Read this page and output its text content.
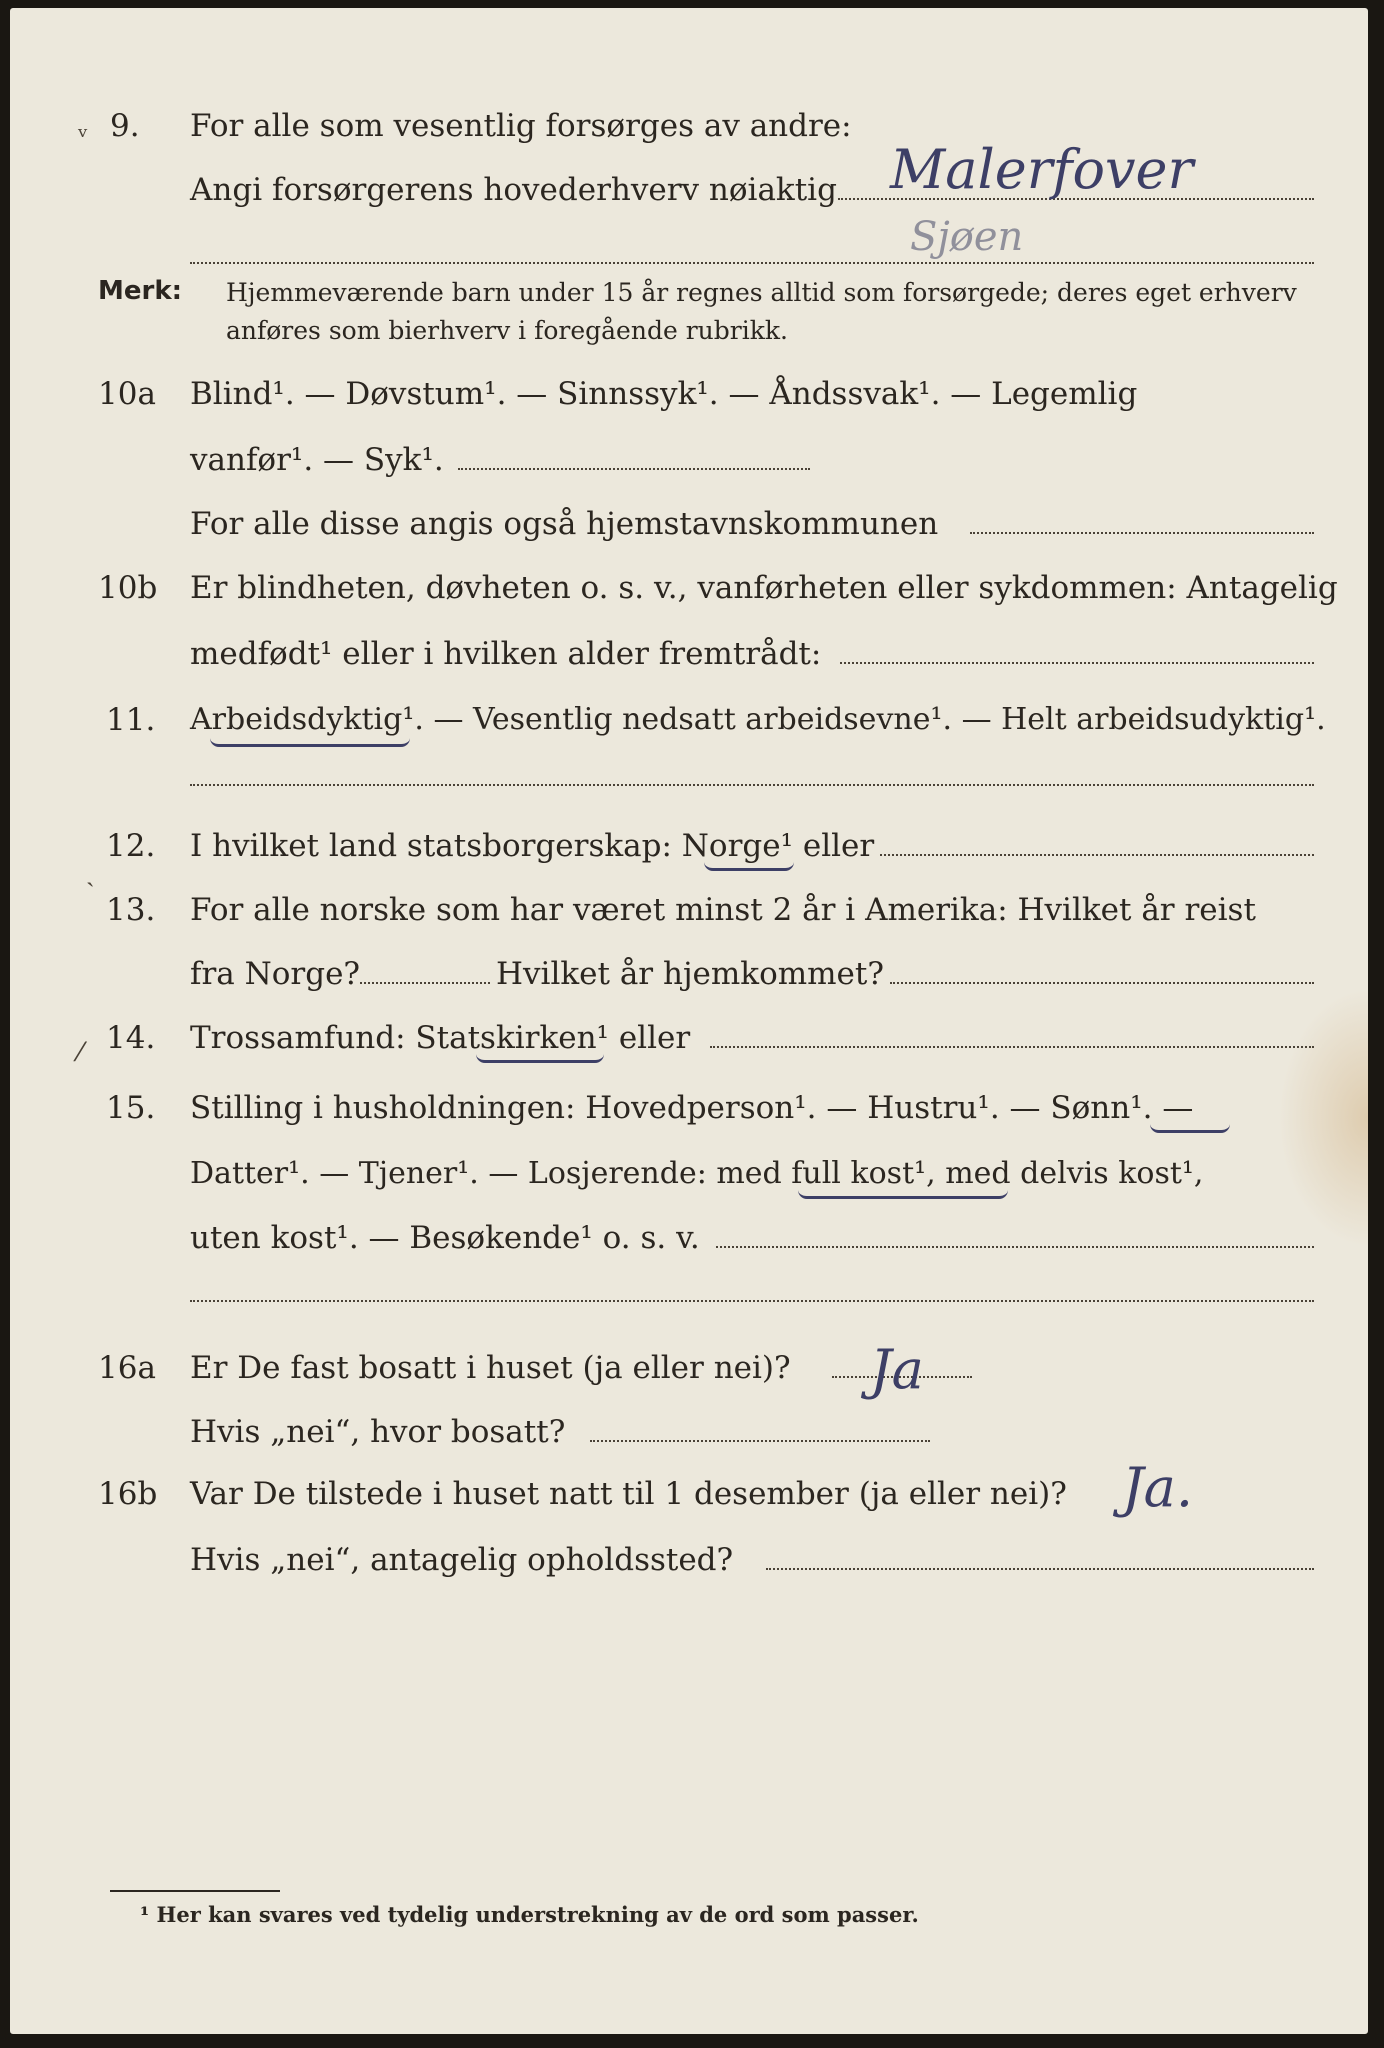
ᵥ 9. For alle som vesentlig forsørges av andre:
Angi forsørgerens hovederhverv nøiaktig Malerfover
Sjøen
Merk: Hjemmeværende barn under 15 år regnes alltid som forsørgede; deres eget erhverv
anføres som bierhverv i foregående rubrikk.
10a Blind¹. — Døvstum¹. — Sinnssyk¹. — Åndssvak¹. — Legemlig
vanfør¹. — Syk¹.
For alle disse angis også hjemstavnskommunen
10b Er blindheten, døvheten o. s. v., vanførheten eller sykdommen: Antagelig
medfødt¹ eller i hvilken alder fremtrådt:
11. Arbeidsdyktig¹. — Vesentlig nedsatt arbeidsevne¹. — Helt arbeidsudyktig¹.
ˏ
12. I hvilket land statsborgerskap: Norge¹ eller
13. For alle norske som har været minst 2 år i Amerika: Hvilket år reist
fra Norge?	Hvilket år hjemkommet?
⁄ 14. Trossamfund: Statskirken¹ eller
15. Stilling i husholdningen: Hovedperson¹. — Hustru¹. — Sønn¹. —
Datter¹. — Tjener¹. — Losjerende: med full kost¹, med delvis kost¹,
uten kost¹. — Besøkende¹ o. s. v.
16a Er De fast bosatt i huset (ja eller nei)? Ja
Hvis „nei“, hvor bosatt?
16b Var De tilstede i huset natt til 1 desember (ja eller nei)? Ja.
Hvis „nei“, antagelig opholdssted?
¹ Her kan svares ved tydelig understrekning av de ord som passer.
